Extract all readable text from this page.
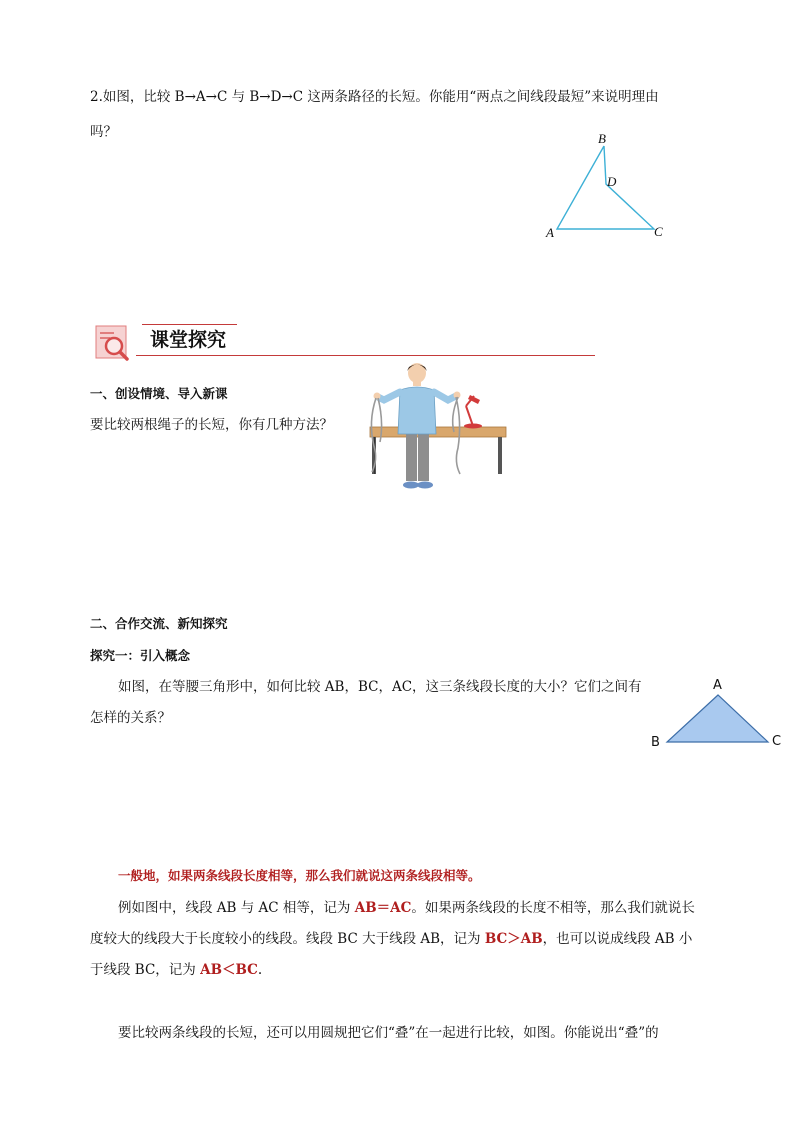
2.如图，比较 B→A→C 与 B→D→C 这两条路径的长短。你能用“两点之间线段最短”来说明理由
吗？	B
D
A	C
课堂探究
一、创设情境、导入新课
要比较两根绳子的长短，你有几种方法？
二、合作交流、新知探究
探究一：引入概念
如图，在等腰三角形中，如何比较 AB，BC，AC，这三条线段长度的大小？它们之间有
怎样的关系？
A
B	C
一般地，如果两条线段长度相等，那么我们就说这两条线段相等。
例如图中，线段 AB 与 AC 相等，记为 AB＝AC。如果两条线段的长度不相等，那么我们就说长
度较大的线段大于长度较小的线段。线段 BC 大于线段 AB，记为 BC＞AB，也可以说成线段 AB 小
于线段 BC，记为 AB＜BC.
要比较两条线段的长短，还可以用圆规把它们“叠”在一起进行比较，如图。你能说出“叠”的
